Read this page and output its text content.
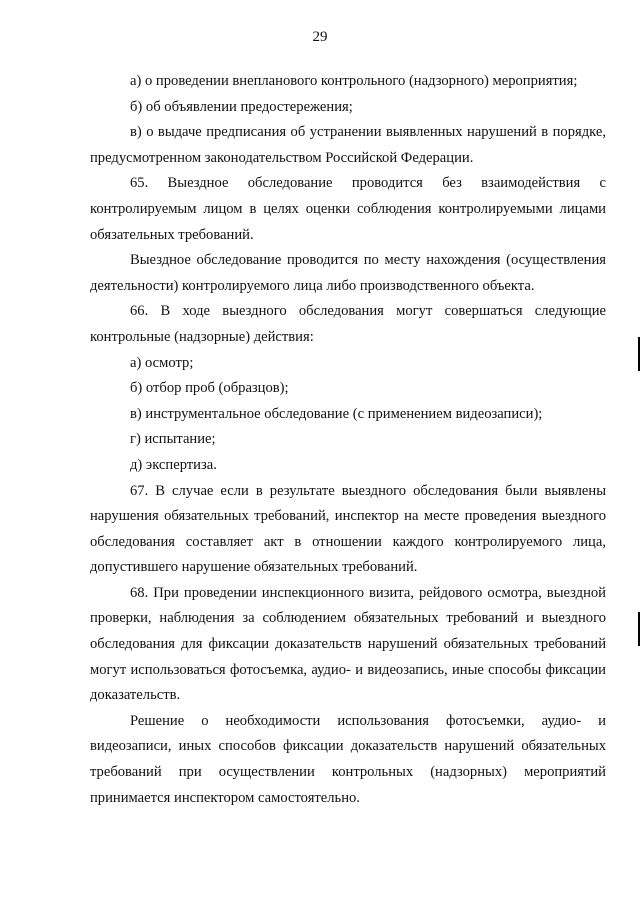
29

а) о проведении внепланового контрольного (надзорного) мероприятия;

б) об объявлении предостережения;

в) о выдаче предписания об устранении выявленных нарушений в порядке, предусмотренном законодательством Российской Федерации.

65. Выездное обследование проводится без взаимодействия с контролируемым лицом в целях оценки соблюдения контролируемыми лицами обязательных требований.

Выездное обследование проводится по месту нахождения (осуществления деятельности) контролируемого лица либо производственного объекта.

66. В ходе выездного обследования могут совершаться следующие контрольные (надзорные) действия:

а) осмотр;

б) отбор проб (образцов);

в) инструментальное обследование (с применением видеозаписи);

г) испытание;

д) экспертиза.

67. В случае если в результате выездного обследования были выявлены нарушения обязательных требований, инспектор на месте проведения выездного обследования составляет акт в отношении каждого контролируемого лица, допустившего нарушение обязательных требований.

68. При проведении инспекционного визита, рейдового осмотра, выездной проверки, наблюдения за соблюдением обязательных требований и выездного обследования для фиксации доказательств нарушений обязательных требований могут использоваться фотосъемка, аудио- и видеозапись, иные способы фиксации доказательств.

Решение о необходимости использования фотосъемки, аудио- и видеозаписи, иных способов фиксации доказательств нарушений обязательных требований при осуществлении контрольных (надзорных) мероприятий принимается инспектором самостоятельно.
